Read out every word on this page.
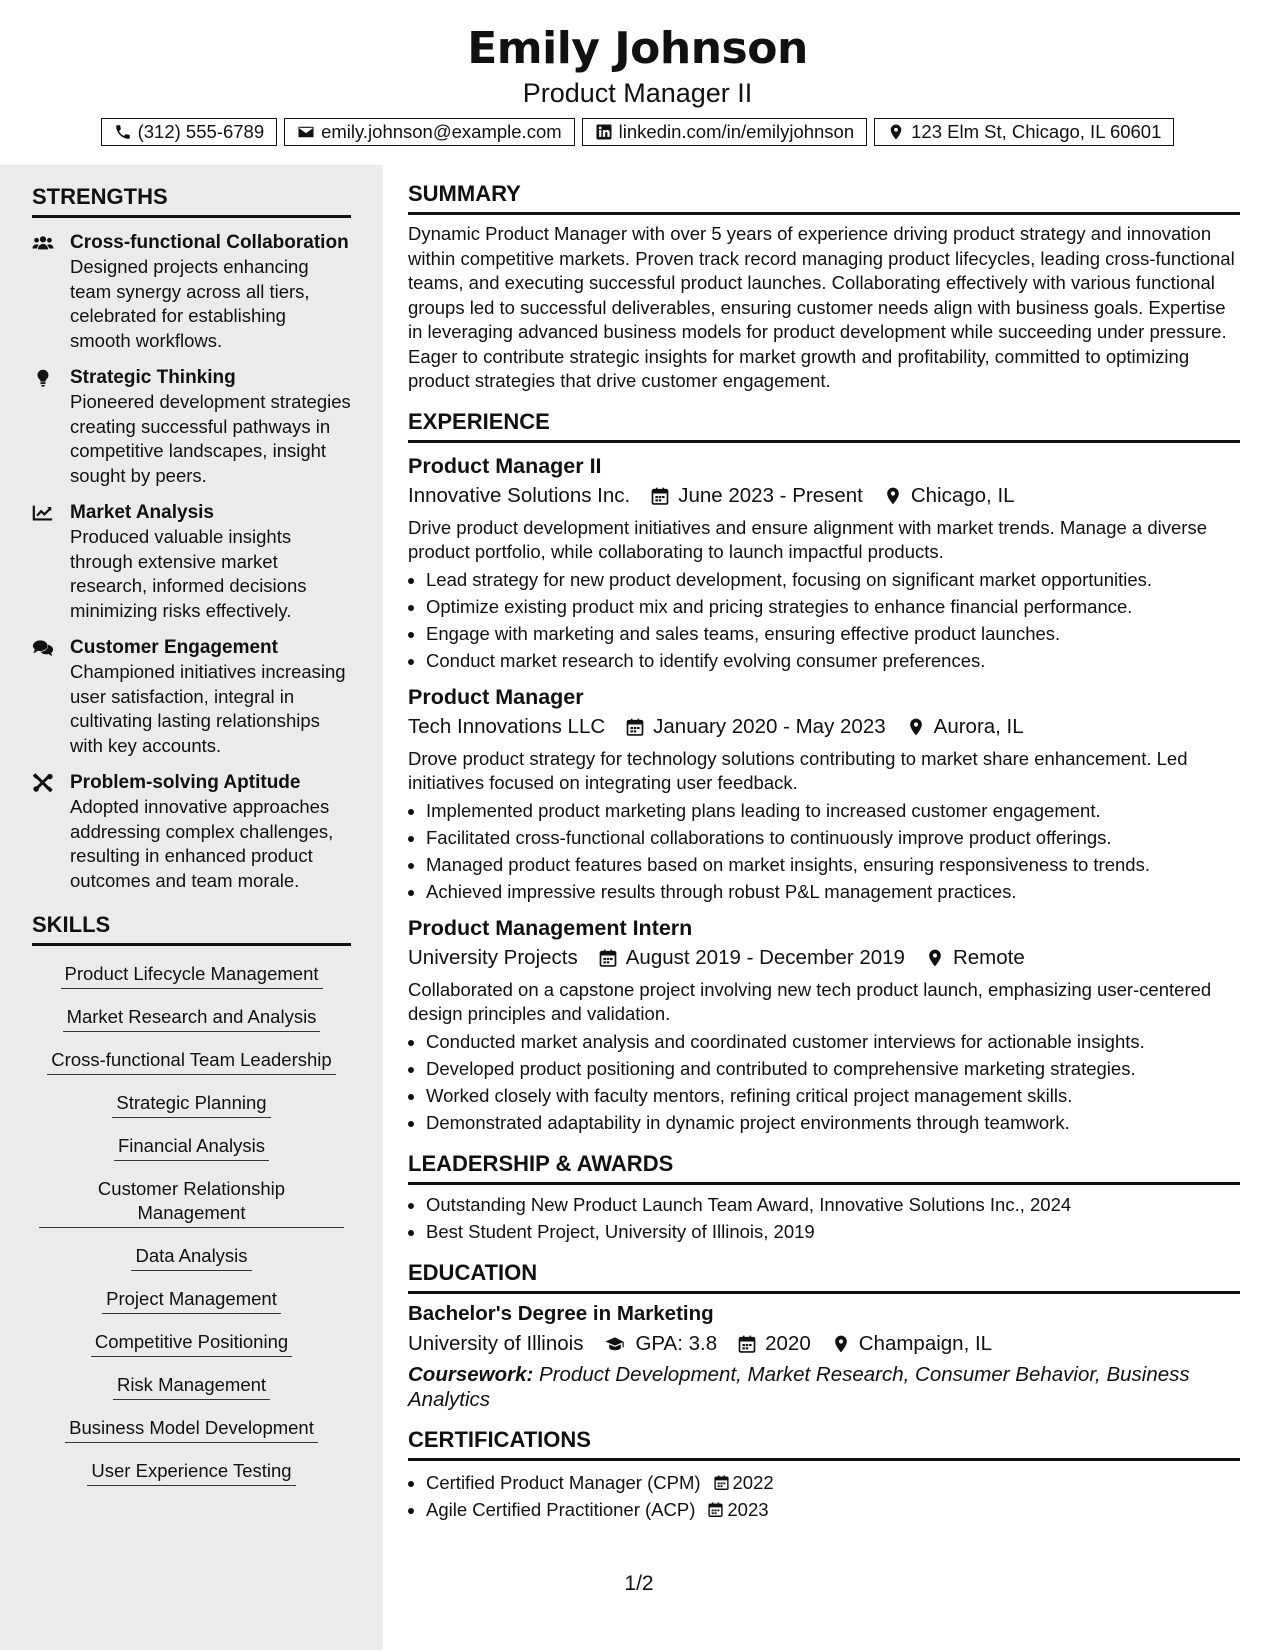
Emily Johnson
Product Manager II
(312) 555-6789	emily.johnson@example.com	linkedin.com/in/emilyjohnson	123 Elm St, Chicago, IL 60601
STRENGTHS
Cross-functional Collaboration
Designed projects enhancing team synergy across all tiers, celebrated for establishing smooth workflows.
Strategic Thinking
Pioneered development strategies creating successful pathways in competitive landscapes, insight sought by peers.
Market Analysis
Produced valuable insights through extensive market research, informed decisions minimizing risks effectively.
Customer Engagement
Championed initiatives increasing user satisfaction, integral in cultivating lasting relationships with key accounts.
Problem-solving Aptitude
Adopted innovative approaches addressing complex challenges, resulting in enhanced product outcomes and team morale.
SKILLS
Product Lifecycle Management
Market Research and Analysis
Cross-functional Team Leadership
Strategic Planning
Financial Analysis
Customer Relationship Management
Data Analysis
Project Management
Competitive Positioning
Risk Management
Business Model Development
User Experience Testing
SUMMARY
Dynamic Product Manager with over 5 years of experience driving product strategy and innovation within competitive markets. Proven track record managing product lifecycles, leading cross-functional teams, and executing successful product launches. Collaborating effectively with various functional groups led to successful deliverables, ensuring customer needs align with business goals. Expertise in leveraging advanced business models for product development while succeeding under pressure. Eager to contribute strategic insights for market growth and profitability, committed to optimizing product strategies that drive customer engagement.
EXPERIENCE
Product Manager II
Innovative Solutions Inc. June 2023 - Present Chicago, IL
Drive product development initiatives and ensure alignment with market trends. Manage a diverse product portfolio, while collaborating to launch impactful products.
• Lead strategy for new product development, focusing on significant market opportunities.
• Optimize existing product mix and pricing strategies to enhance financial performance.
• Engage with marketing and sales teams, ensuring effective product launches.
• Conduct market research to identify evolving consumer preferences.
Product Manager
Tech Innovations LLC January 2020 - May 2023 Aurora, IL
Drove product strategy for technology solutions contributing to market share enhancement. Led initiatives focused on integrating user feedback.
• Implemented product marketing plans leading to increased customer engagement.
• Facilitated cross-functional collaborations to continuously improve product offerings.
• Managed product features based on market insights, ensuring responsiveness to trends.
• Achieved impressive results through robust P&L management practices.
Product Management Intern
University Projects August 2019 - December 2019 Remote
Collaborated on a capstone project involving new tech product launch, emphasizing user-centered design principles and validation.
• Conducted market analysis and coordinated customer interviews for actionable insights.
• Developed product positioning and contributed to comprehensive marketing strategies.
• Worked closely with faculty mentors, refining critical project management skills.
• Demonstrated adaptability in dynamic project environments through teamwork.
LEADERSHIP & AWARDS
• Outstanding New Product Launch Team Award, Innovative Solutions Inc., 2024
• Best Student Project, University of Illinois, 2019
EDUCATION
Bachelor's Degree in Marketing
University of Illinois	GPA: 3.8 2020 Champaign, IL
Coursework: Product Development, Market Research, Consumer Behavior, Business Analytics
CERTIFICATIONS
• Certified Product Manager (CPM) 2022
• Agile Certified Practitioner (ACP) 2023
1/2
